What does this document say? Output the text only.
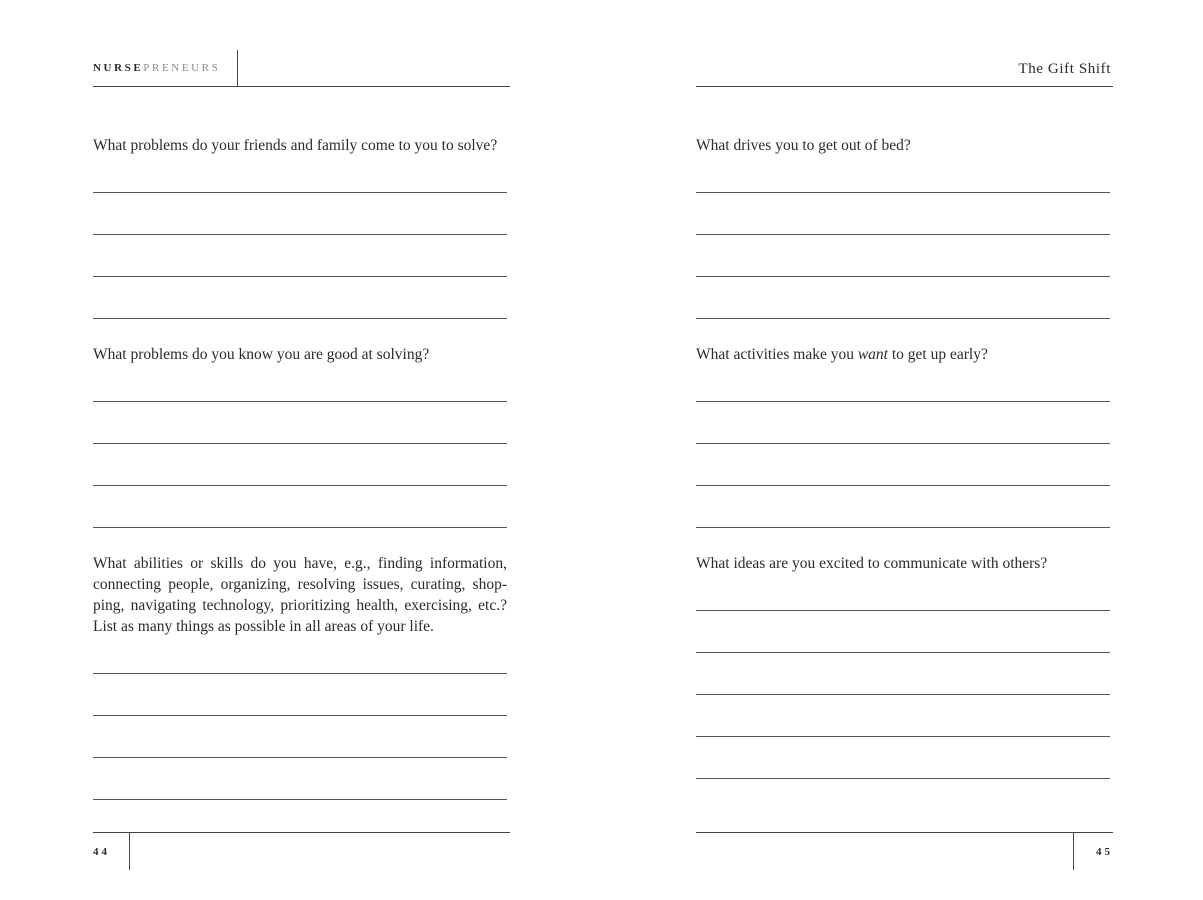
NURSEPRENEURS

What problems do your friends and family come to you to solve?

What problems do you know you are good at solving?

What abilities or skills do you have, e.g., finding information, connecting people, organizing, resolving issues, curating, shop-ping, navigating technology, prioritizing health, exercising, etc.? List as many things as possible in all areas of your life.

44
The Gift Shift

What drives you to get out of bed?

What activities make you want to get up early?

What ideas are you excited to communicate with others?

45
